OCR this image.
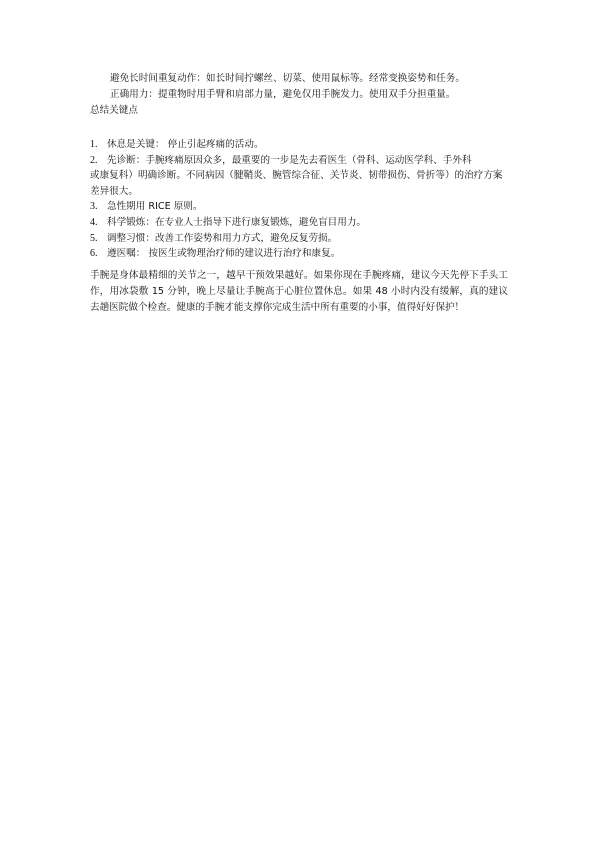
避免长时间重复动作：如长时间拧螺丝、切菜、使用鼠标等。经常变换姿势和任务。
正确用力：提重物时用手臂和肩部力量，避免仅用手腕发力。使用双手分担重量。
总结关键点
1. 休息是关键： 停止引起疼痛的活动。
2. 先诊断：手腕疼痛原因众多，最重要的一步是先去看医生（骨科、运动医学科、手外科
或康复科）明确诊断。不同病因（腱鞘炎、腕管综合征、关节炎、韧带损伤、骨折等）的治疗方案差异很大。
3. 急性期用 RICE 原则。
4. 科学锻炼：在专业人士指导下进行康复锻炼，避免盲目用力。
5. 调整习惯：改善工作姿势和用力方式，避免反复劳损。
6. 遵医嘱： 按医生或物理治疗师的建议进行治疗和康复。

手腕是身体最精细的关节之一，越早干预效果越好。如果你现在手腕疼痛，建议今天先停下手头工作，用冰袋敷 15 分钟，晚上尽量让手腕高于心脏位置休息。如果 48 小时内没有缓解，真的建议去趟医院做个检查。健康的手腕才能支撑你完成生活中所有重要的小事，值得好好保护！
